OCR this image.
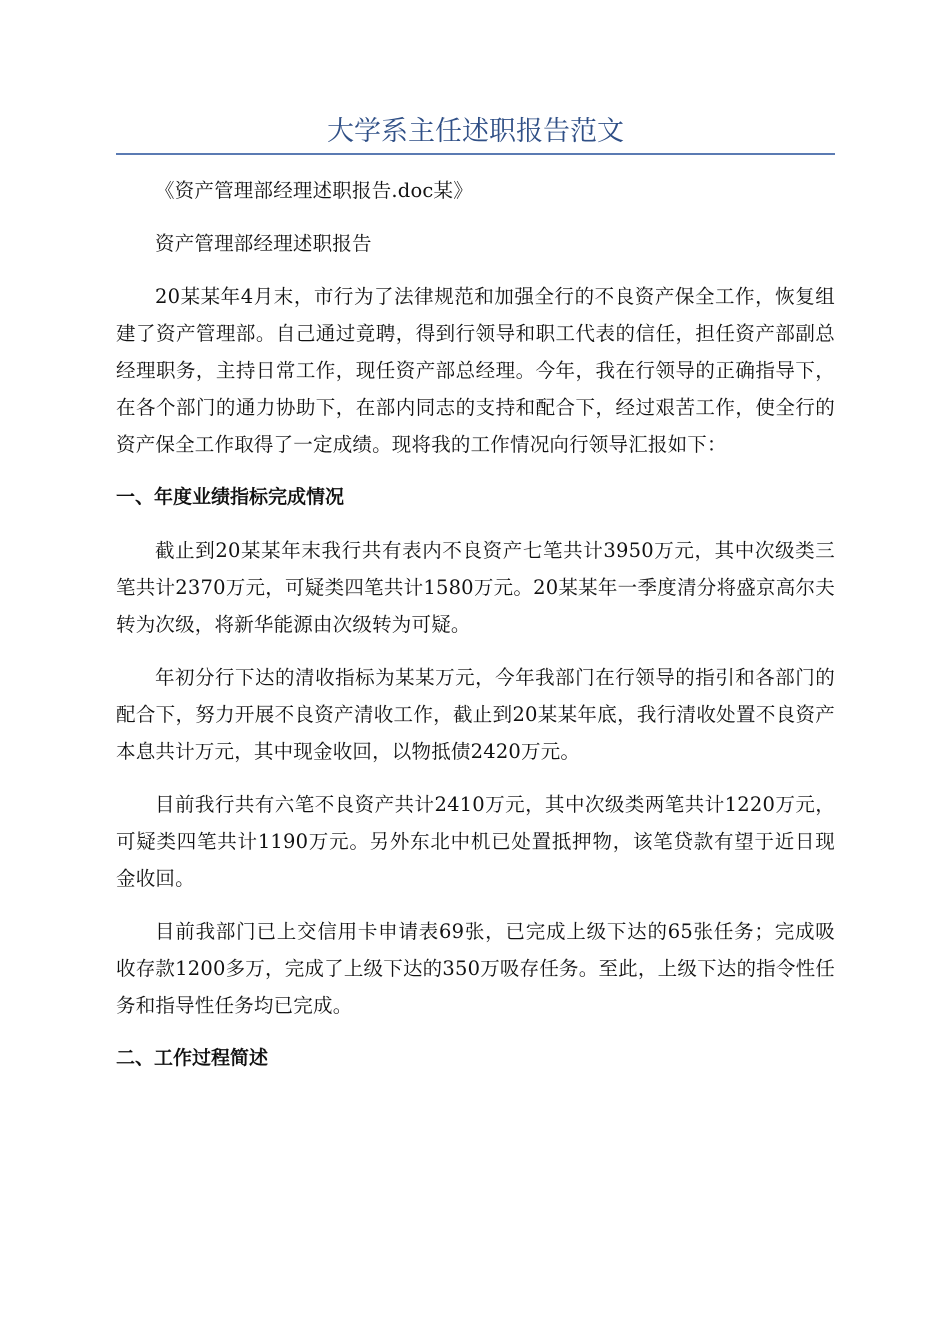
大学系主任述职报告范文

《资产管理部经理述职报告.doc某》

资产管理部经理述职报告

20某某年4月末，市行为了法律规范和加强全行的不良资产保全工作，恢复组建了资产管理部。自己通过竟聘，得到行领导和职工代表的信任，担任资产部副总经理职务，主持日常工作，现任资产部总经理。今年，我在行领导的正确指导下，在各个部门的通力协助下，在部内同志的支持和配合下，经过艰苦工作，使全行的资产保全工作取得了一定成绩。现将我的工作情况向行领导汇报如下：

一、年度业绩指标完成情况

截止到20某某年末我行共有表内不良资产七笔共计3950万元，其中次级类三笔共计2370万元，可疑类四笔共计1580万元。20某某年一季度清分将盛京高尔夫转为次级，将新华能源由次级转为可疑。

年初分行下达的清收指标为某某万元，今年我部门在行领导的指引和各部门的配合下，努力开展不良资产清收工作，截止到20某某年底，我行清收处置不良资产本息共计万元，其中现金收回，以物抵债2420万元。

目前我行共有六笔不良资产共计2410万元，其中次级类两笔共计1220万元，可疑类四笔共计1190万元。另外东北中机已处置抵押物，该笔贷款有望于近日现金收回。

目前我部门已上交信用卡申请表69张，已完成上级下达的65张任务；完成吸收存款1200多万，完成了上级下达的350万吸存任务。至此，上级下达的指令性任务和指导性任务均已完成。

二、工作过程简述
